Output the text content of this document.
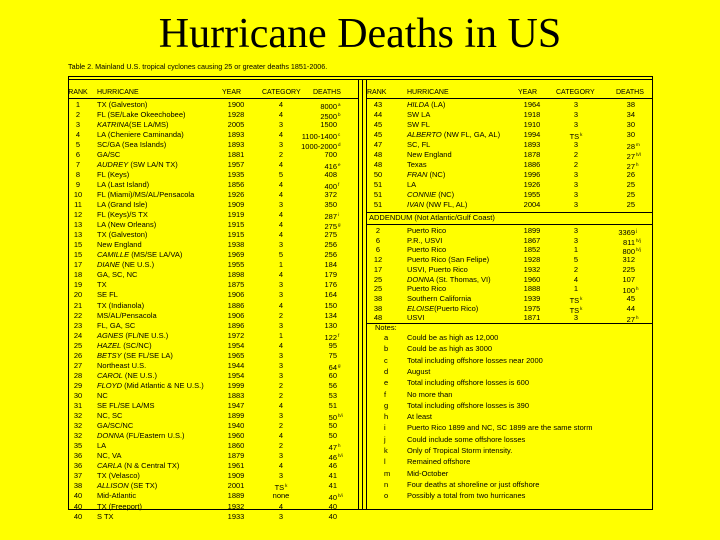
Hurricane Deaths in US
Table 2. Mainland U.S. tropical cyclones causing 25 or greater deaths 1851-2006.
RANK	HURRICANE	YEAR	CATEGORY DEATHS	RANK	HURRICANE	YEAR	CATEGORY	DEATHS
1	TX (Galveston)	1900	4	8000$^a$
2	FL (SE/Lake Okeechobee)	1928	4	2500$^b$
3	KATRINA(SE LA/MS)	2005	3	1500
4	LA (Cheniere Caminanda)	1893	4	1100-1400$^c$
5	SC/GA (Sea Islands)	1893	3	1000-2000$^d$
6	GA/SC	1881	2	700
7	AUDREY (SW LA/N TX)	1957	4	416e
8	FL (Keys)	1935	5	408
9	LA (Last Island)	1856	4	400$^f$
10	FL (Miami)/MS/AL/Pensacola	1926	4	372
11	LA (Grand Isle)	1909	3	350
12	FL (Keys)/S TX	1919	4	287$^i$
13	LA (New Orleans)	1915	4	275$^g$
13	TX (Galveston)	1915	4	275
15	New England	1938	3	256
15	CAMILLE (MS/SE LA/VA)	1969	5	256
17	DIANE (NE U.S.)	1955	1	184
18	GA, SC, NC	1898	4	179
19	TX	1875	3	176
20	SE FL	1906	3	164
21	TX (Indianola)	1886	4	150
22	MS/AL/Pensacola	1906	2	134
23	FL, GA, SC	1896	3	130
24	AGNES (FL/NE U.S.)	1972	1	122$^f$
25	HAZEL (SC/NC)	1954	4	95
26	BETSY (SE FL/SE LA)	1965	3	75
27	Northeast U.S.	1944	3	64$^g$
28	CAROL (NE U.S.)	1954	3	60
29	FLOYD (Mid Atlantic & NE U.S.)	1999	2	56
30	NC	1883	2	53
31	SE FL/SE LA/MS	1947	4	51
32	NC, SC	1899	3	$50^{h/i}$
32	GA/SC/NC	1940	2	50
32	DONNA (FL/Eastern U.S.)	1960	4	50
35	LA	1860	2	47$^h$
36	NC, VA	1879	3	$46^{h/i}$
36	CARLA (N & Central TX)	1961	4	46
37	TX (Velasco)	1909	3	41
38	ALLISON (SE TX)	2001	$TS^k$	41
40	Mid-Atlantic	1889	none	$40^{h/i}$
40	TX (Freeport)	1932	4	40
40	S TX	1933	3	40
43	HILDA (LA)	1964	3	38
44	SW LA	1918	3	34
45	SW FL	1910	3	30
45	ALBERTO (NW FL, GA, AL)	1994	$TS^k$	30
47	SC, FL	1893	3	28$^m$
48	New England	1878	2	$27^{h/l}$
48	Texas	1886	2	27$^h$
50	FRAN (NC)	1996	3	26
51	LA	1926	3	25
51	CONNIE (NC)	1955	3	25
51	IVAN (NW FL, AL)	2004	3	25
ADDENDUM (Not Atlantic/Gulf Coast)
2	Puerto Rico	1899	3	3369$^j$
6	P.R., USVI	1867	3	$811^{h/j}$
6	Puerto Rico	1852	1	$800^{h/j}$
12	Puerto Rico (San Felipe)	1928	5	312
17	USVI, Puerto Rico	1932	2	225
25	DONNA (St. Thomas, VI)	1960	4	107
25	Puerto Rico	1888	1	100$^h$
38	Southern California	1939	$TS^k$	45
38	ELOISE(Puerto Rico)	1975	$TS^k$	44
48	USVI	1871	3	27$^h$
Notes:
a	Could be as high as 12,000
b	Could be as high as 3000
c	Total including offshore losses near 2000
d	August
e	Total including offshore losses is 600
f	No more than
g	Total including offshore losses is 390
h	At least
i	Puerto Rico 1899 and NC, SC 1899 are the same storm
j	Could include some offshore losses
k	Only of Tropical Storm intensity.
l	Remained offshore
m Mid-October
n	Four deaths at shoreline or just offshore
o	Possibly a total from two hurricanes
